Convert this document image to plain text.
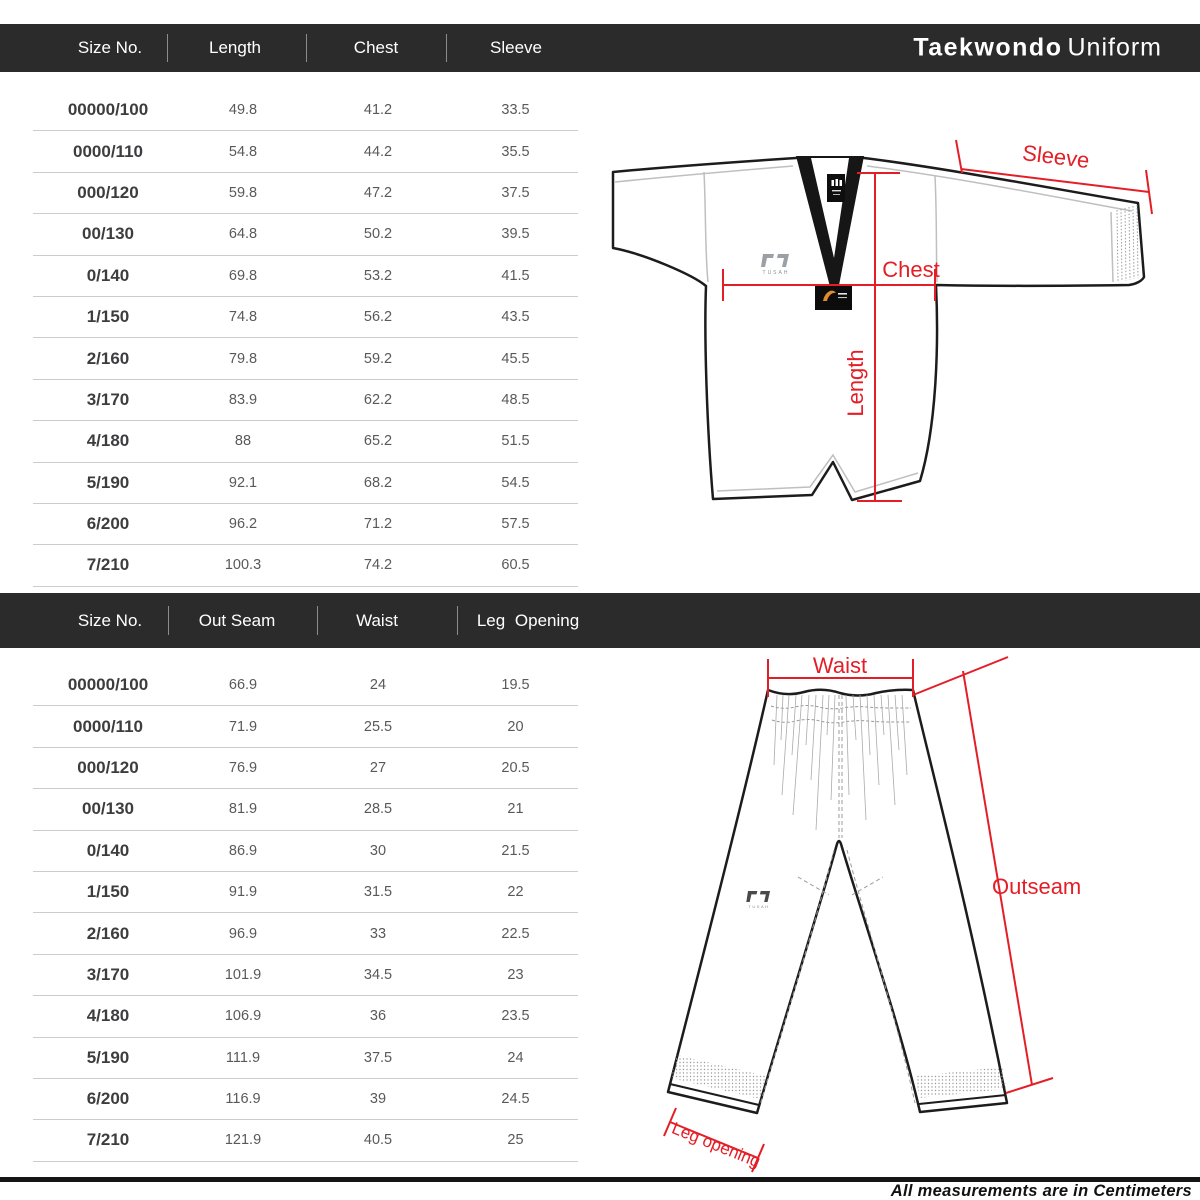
Size No.	Length	Chest	Sleeve	Taekwondo Uniform
00000/100	49.8	41.2	33.5
0000/110	54.8	44.2	35.5
000/120	59.8	47.2	37.5
00/130	64.8	50.2	39.5
0/140	69.8	53.2	41.5
1/150	74.8	56.2	43.5
2/160	79.8	59.2	45.5
3/170	83.9	62.2	48.5
4/180	88	65.2	51.5
5/190	92.1	68.2	54.5
6/200	96.2	71.2	57.5
7/210	100.3	74.2	60.5
Size No.	Out Seam	Waist	Leg Opening
00000/100	66.9	24	19.5
0000/110	71.9	25.5	20
000/120	76.9	27	20.5
00/130	81.9	28.5	21
0/140	86.9	30	21.5
1/150	91.9	31.5	22
2/160	96.9	33	22.5
3/170	101.9	34.5	23
4/180	106.9	36	23.5
5/190	111.9	37.5	24
6/200	116.9	39	24.5
7/210	121.9	40.5	25
TUSAH	Chest
Length
Sleeve
TUSAH
Waist
Outseam
Leg opening
All measurements are in Centimeters
